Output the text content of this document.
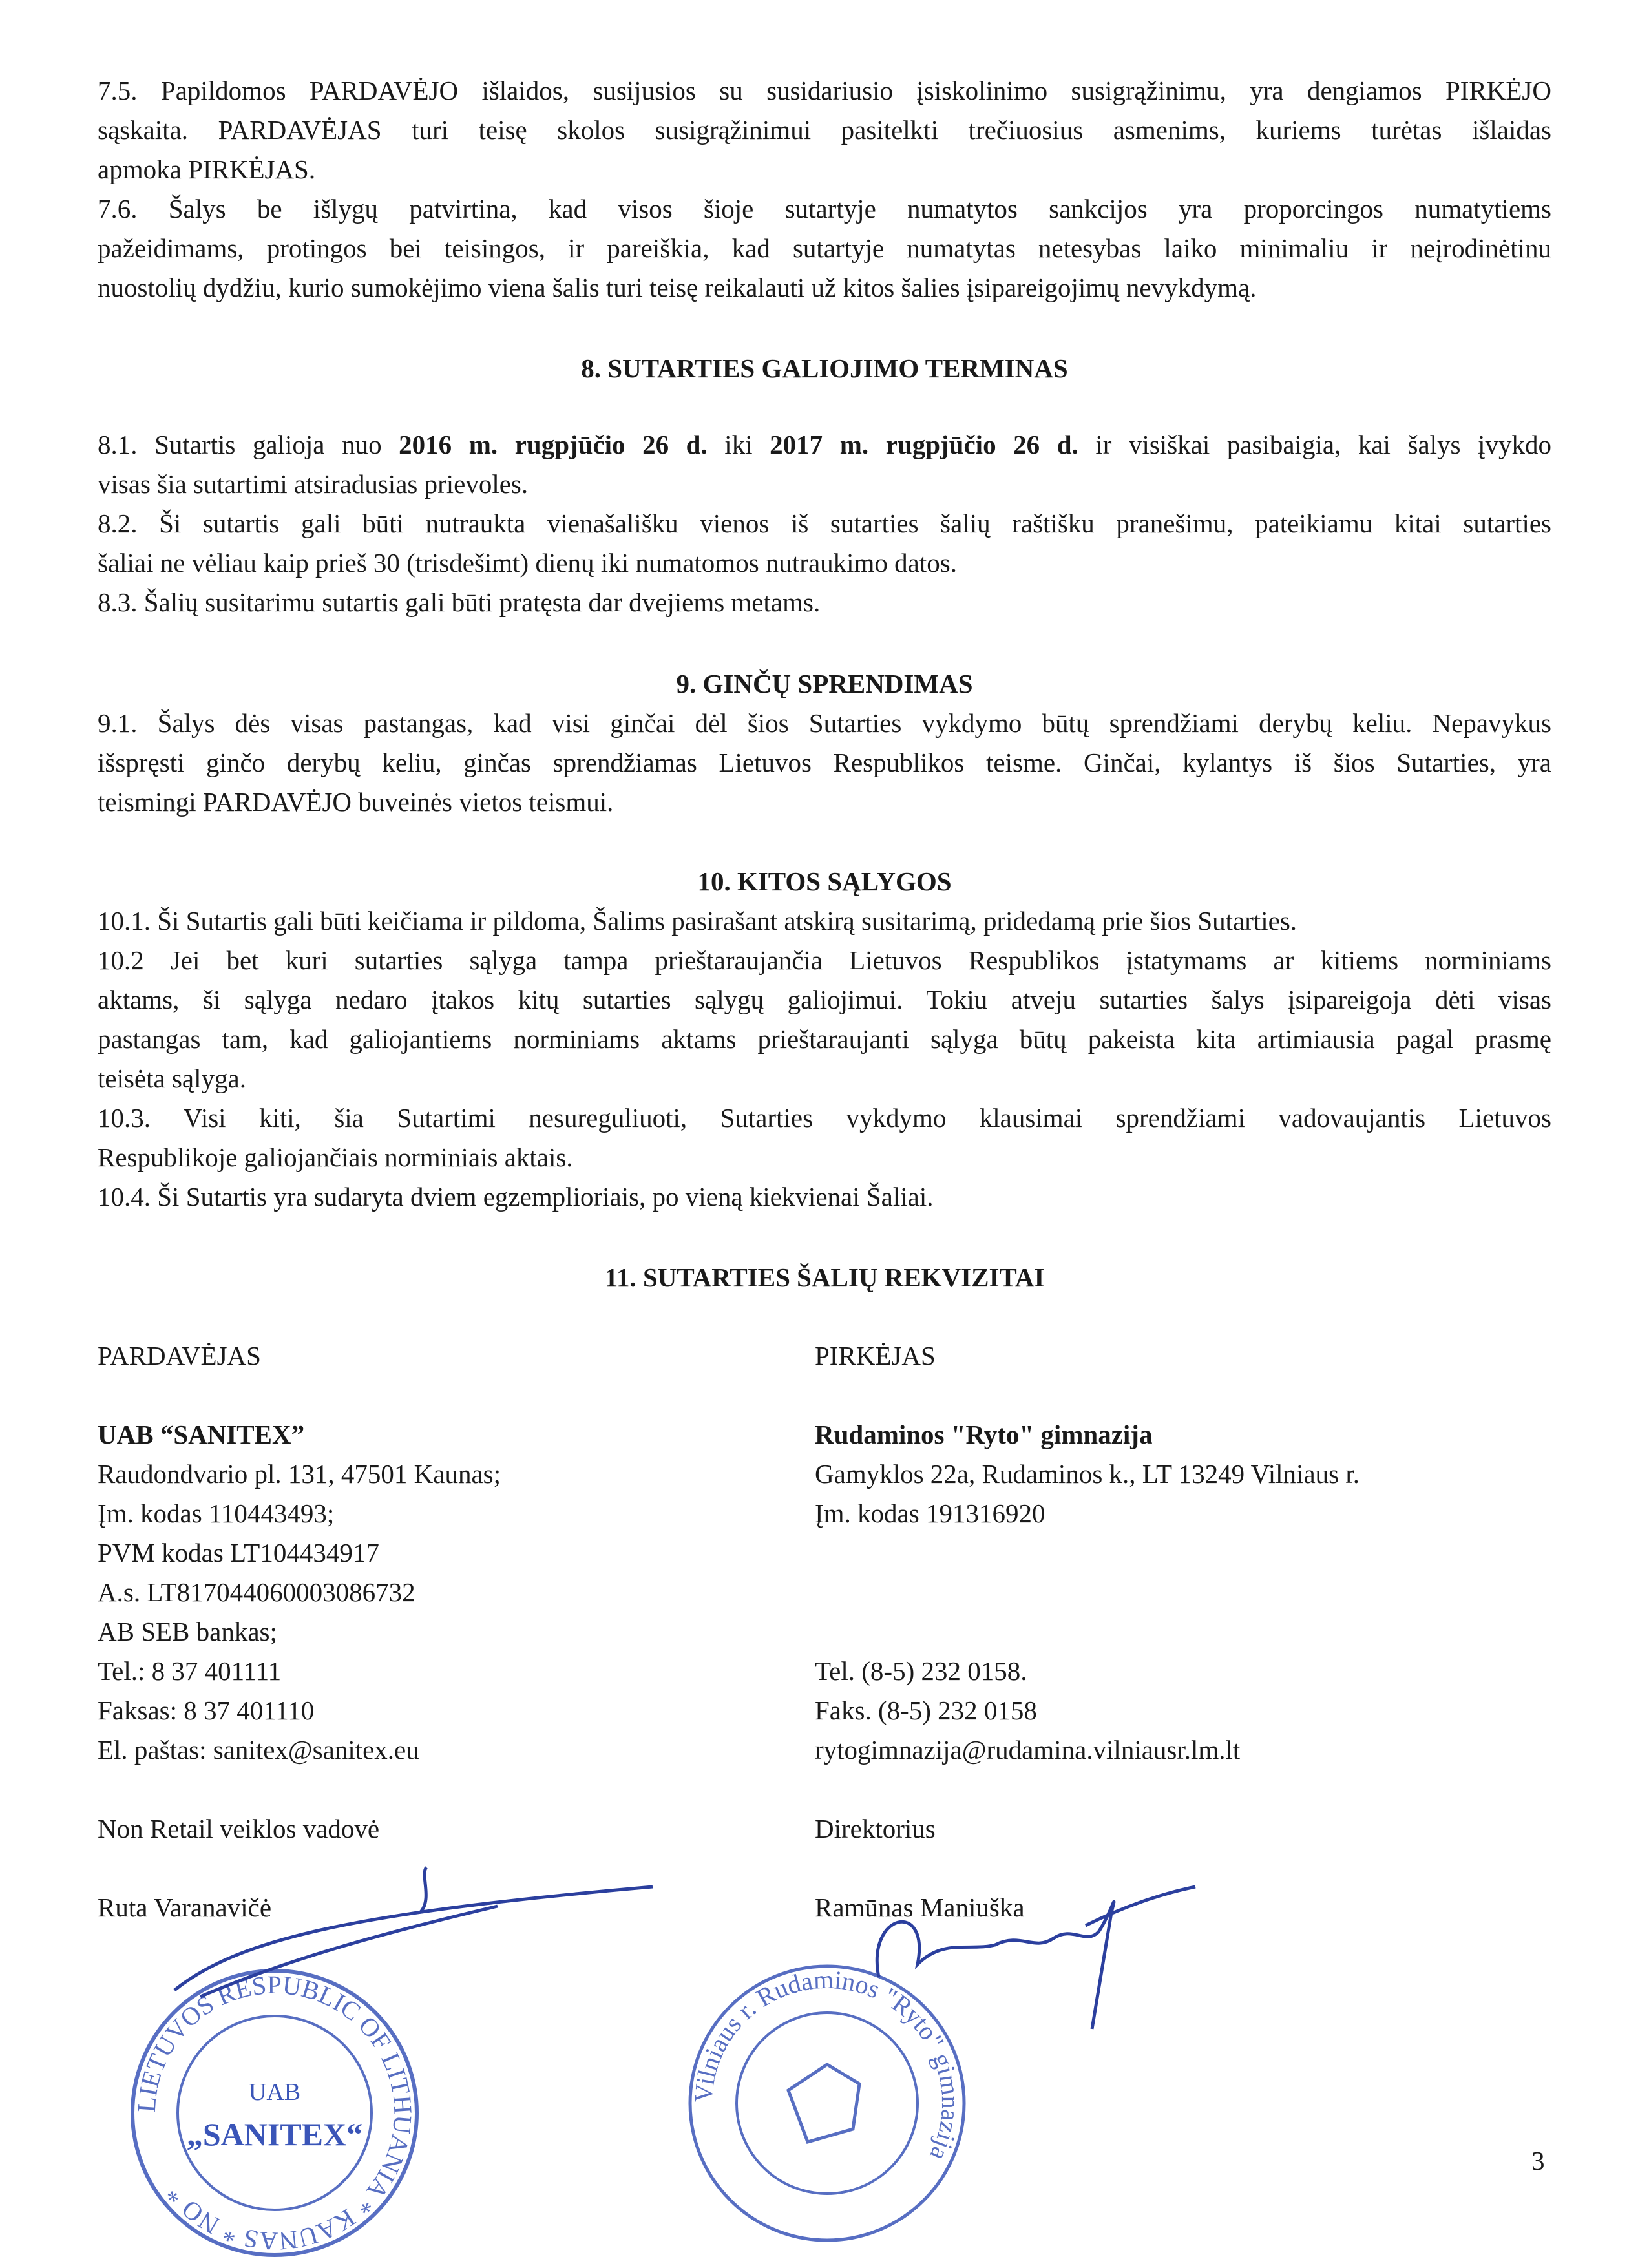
7.5. Papildomos PARDAVĖJO išlaidos, susijusios su susidariusio įsiskolinimo susigrąžinimu, yra dengiamos PIRKĖJO
sąskaita. PARDAVĖJAS turi teisę skolos susigrąžinimui pasitelkti trečiuosius asmenims, kuriems turėtas išlaidas
apmoka PIRKĖJAS.
7.6. Šalys be išlygų patvirtina, kad visos šioje sutartyje numatytos sankcijos yra proporcingos numatytiems
pažeidimams, protingos bei teisingos, ir pareiškia, kad sutartyje numatytas netesybas laiko minimaliu ir neįrodinėtinu
nuostolių dydžiu, kurio sumokėjimo viena šalis turi teisę reikalauti už kitos šalies įsipareigojimų nevykdymą.
8. SUTARTIES GALIOJIMO TERMINAS
8.1. Sutartis galioja nuo 2016 m. rugpjūčio 26 d. iki 2017 m. rugpjūčio 26 d. ir visiškai pasibaigia, kai šalys įvykdo
visas šia sutartimi atsiradusias prievoles.
8.2. Ši sutartis gali būti nutraukta vienašališku vienos iš sutarties šalių raštišku pranešimu, pateikiamu kitai sutarties
šaliai ne vėliau kaip prieš 30 (trisdešimt) dienų iki numatomos nutraukimo datos.
8.3. Šalių susitarimu sutartis gali būti pratęsta dar dvejiems metams.
9. GINČŲ SPRENDIMAS
9.1. Šalys dės visas pastangas, kad visi ginčai dėl šios Sutarties vykdymo būtų sprendžiami derybų keliu. Nepavykus
išspręsti ginčo derybų keliu, ginčas sprendžiamas Lietuvos Respublikos teisme. Ginčai, kylantys iš šios Sutarties, yra
teismingi PARDAVĖJO buveinės vietos teismui.
10. KITOS SĄLYGOS
10.1. Ši Sutartis gali būti keičiama ir pildoma, Šalims pasirašant atskirą susitarimą, pridedamą prie šios Sutarties.
10.2 Jei bet kuri sutarties sąlyga tampa prieštaraujančia Lietuvos Respublikos įstatymams ar kitiems norminiams
aktams, ši sąlyga nedaro įtakos kitų sutarties sąlygų galiojimui. Tokiu atveju sutarties šalys įsipareigoja dėti visas
pastangas tam, kad galiojantiems norminiams aktams prieštaraujanti sąlyga būtų pakeista kita artimiausia pagal prasmę
teisėta sąlyga.
10.3. Visi kiti, šia Sutartimi nesureguliuoti, Sutarties vykdymo klausimai sprendžiami vadovaujantis Lietuvos
Respublikoje galiojančiais norminiais aktais.
10.4. Ši Sutartis yra sudaryta dviem egzemplioriais, po vieną kiekvienai Šaliai.
11. SUTARTIES ŠALIŲ REKVIZITAI
PARDAVĖJAS
UAB “SANITEX”
Raudondvario pl. 131, 47501 Kaunas;
Įm. kodas 110443493;
PVM kodas LT104434917
A.s. LT817044060003086732
AB SEB bankas;
Tel.: 8 37 401111
Faksas: 8 37 401110
El. paštas: sanitex@sanitex.eu
Non Retail veiklos vadovė
Ruta Varanavičė
PIRKĖJAS
Rudaminos "Ryto" gimnazija
Gamyklos 22a, Rudaminos k., LT 13249 Vilniaus r.
Įm. kodas 191316920
Tel. (8-5) 232 0158.
Faks. (8-5) 232 0158
rytogimnazija@rudamina.vilniausr.lm.lt
Direktorius
Ramūnas Maniuška
LIETUVOS RESPUBLIC OF LITHUANIA * KAUNAS * NO *
UAB
„SANITEX“
Vilniaus r. Rudaminos "Ryto" gimnazija	3
